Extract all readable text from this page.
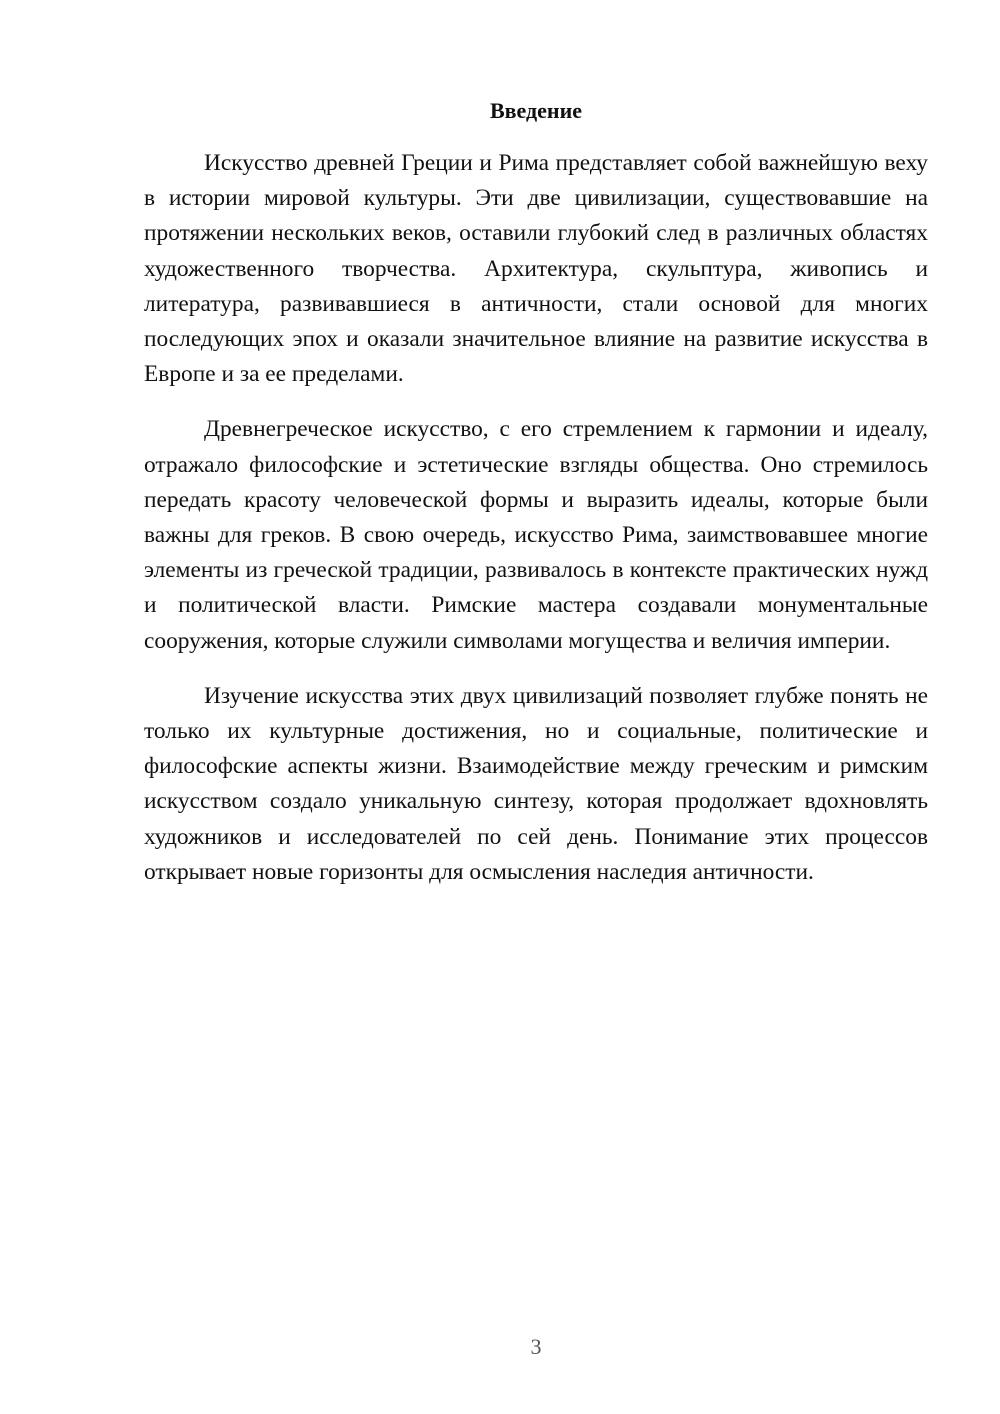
Введение

Искусство древней Греции и Рима представляет собой важнейшую веху в истории мировой культуры. Эти две цивилизации, существовавшие на протяжении нескольких веков, оставили глубокий след в различных областях художественного творчества. Архитектура, скульптура, живопись и литература, развивавшиеся в античности, стали основой для многих последующих эпох и оказали значительное влияние на развитие искусства в Европе и за ее пределами.

Древнегреческое искусство, с его стремлением к гармонии и идеалу, отражало философские и эстетические взгляды общества. Оно стремилось передать красоту человеческой формы и выразить идеалы, которые были важны для греков. В свою очередь, искусство Рима, заимствовавшее многие элементы из греческой традиции, развивалось в контексте практических нужд и политической власти. Римские мастера создавали монументальные сооружения, которые служили символами могущества и величия империи.

Изучение искусства этих двух цивилизаций позволяет глубже понять не только их культурные достижения, но и социальные, политические и философские аспекты жизни. Взаимодействие между греческим и римским искусством создало уникальную синтезу, которая продолжает вдохновлять художников и исследователей по сей день. Понимание этих процессов открывает новые горизонты для осмысления наследия античности.

3
